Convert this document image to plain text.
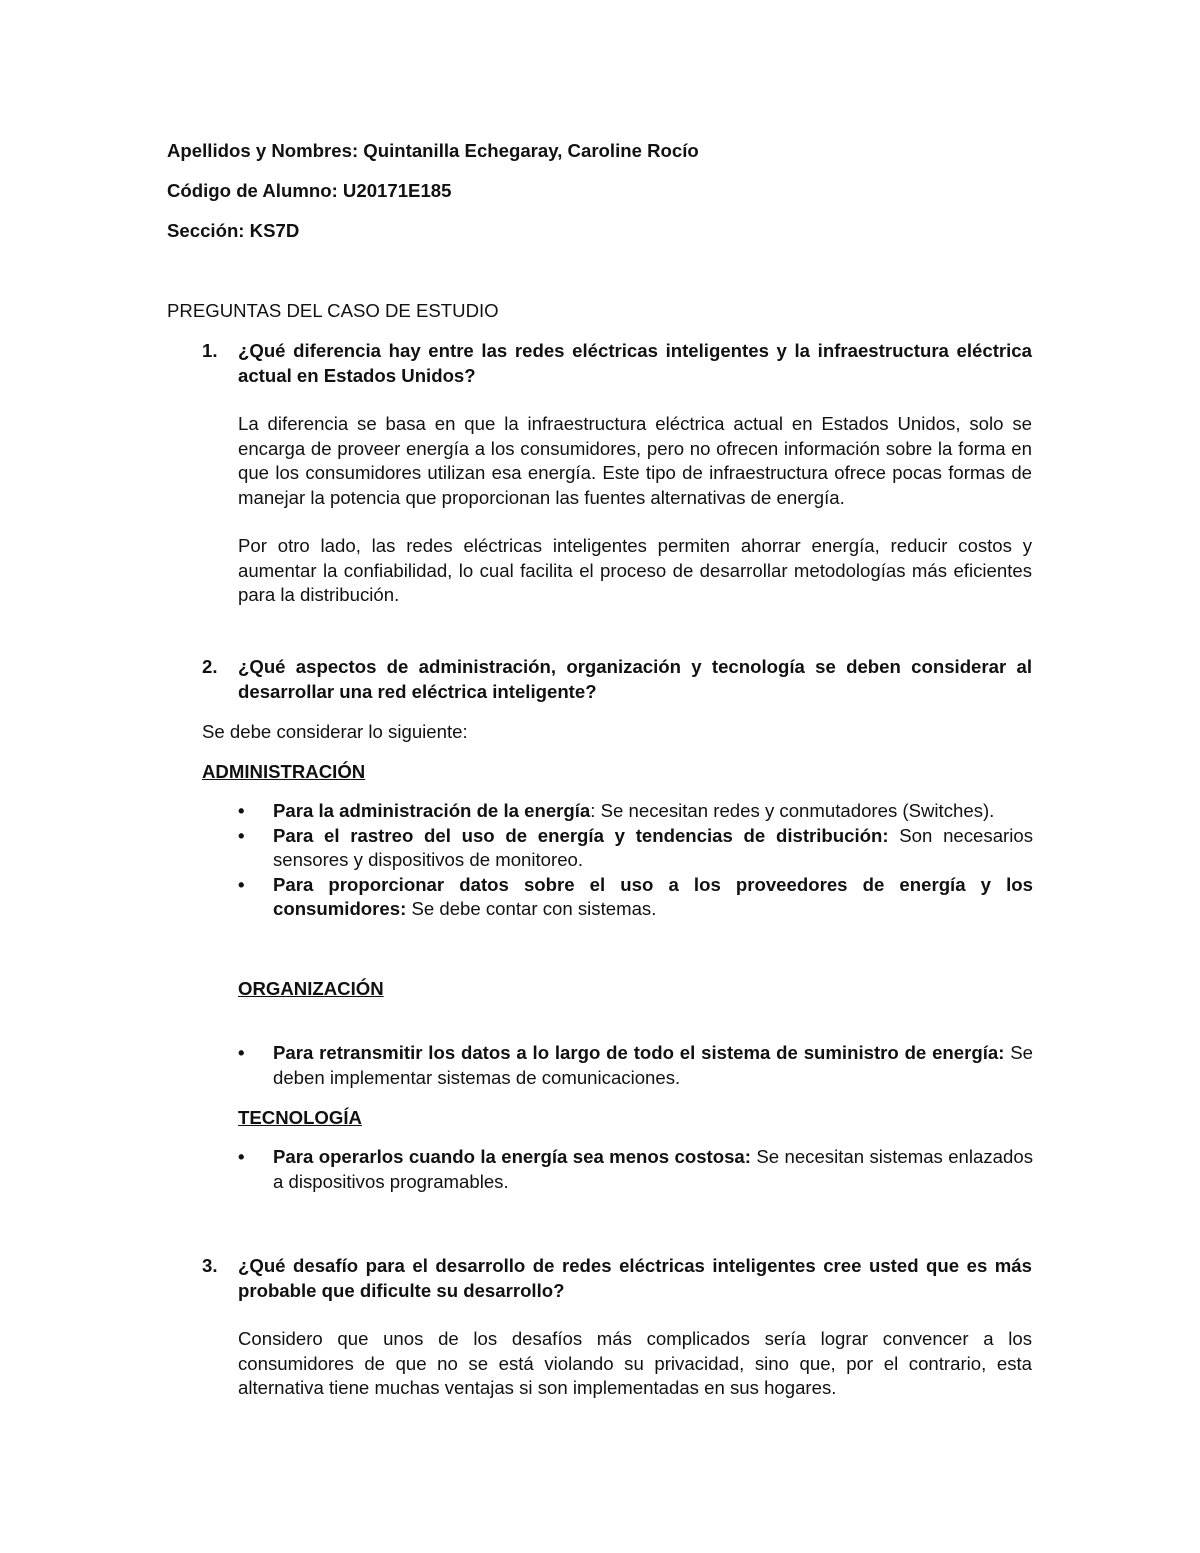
Apellidos y Nombres: Quintanilla Echegaray, Caroline Rocío
Código de Alumno: U20171E185
Sección: KS7D
PREGUNTAS DEL CASO DE ESTUDIO
1. ¿Qué diferencia hay entre las redes eléctricas inteligentes y la infraestructura eléctrica actual en Estados Unidos?
La diferencia se basa en que la infraestructura eléctrica actual en Estados Unidos, solo se encarga de proveer energía a los consumidores, pero no ofrecen información sobre la forma en que los consumidores utilizan esa energía. Este tipo de infraestructura ofrece pocas formas de manejar la potencia que proporcionan las fuentes alternativas de energía.
Por otro lado, las redes eléctricas inteligentes permiten ahorrar energía, reducir costos y aumentar la confiabilidad, lo cual facilita el proceso de desarrollar metodologías más eficientes para la distribución.
2. ¿Qué aspectos de administración, organización y tecnología se deben considerar al desarrollar una red eléctrica inteligente?
Se debe considerar lo siguiente:
ADMINISTRACIÓN
• Para la administración de la energía: Se necesitan redes y conmutadores (Switches).
• Para el rastreo del uso de energía y tendencias de distribución: Son necesarios sensores y dispositivos de monitoreo.
• Para proporcionar datos sobre el uso a los proveedores de energía y los consumidores: Se debe contar con sistemas.
ORGANIZACIÓN
• Para retransmitir los datos a lo largo de todo el sistema de suministro de energía: Se deben implementar sistemas de comunicaciones.
TECNOLOGÍA
• Para operarlos cuando la energía sea menos costosa: Se necesitan sistemas enlazados a dispositivos programables.
3. ¿Qué desafío para el desarrollo de redes eléctricas inteligentes cree usted que es más probable que dificulte su desarrollo?
Considero que unos de los desafíos más complicados sería lograr convencer a los consumidores de que no se está violando su privacidad, sino que, por el contrario, esta alternativa tiene muchas ventajas si son implementadas en sus hogares.
